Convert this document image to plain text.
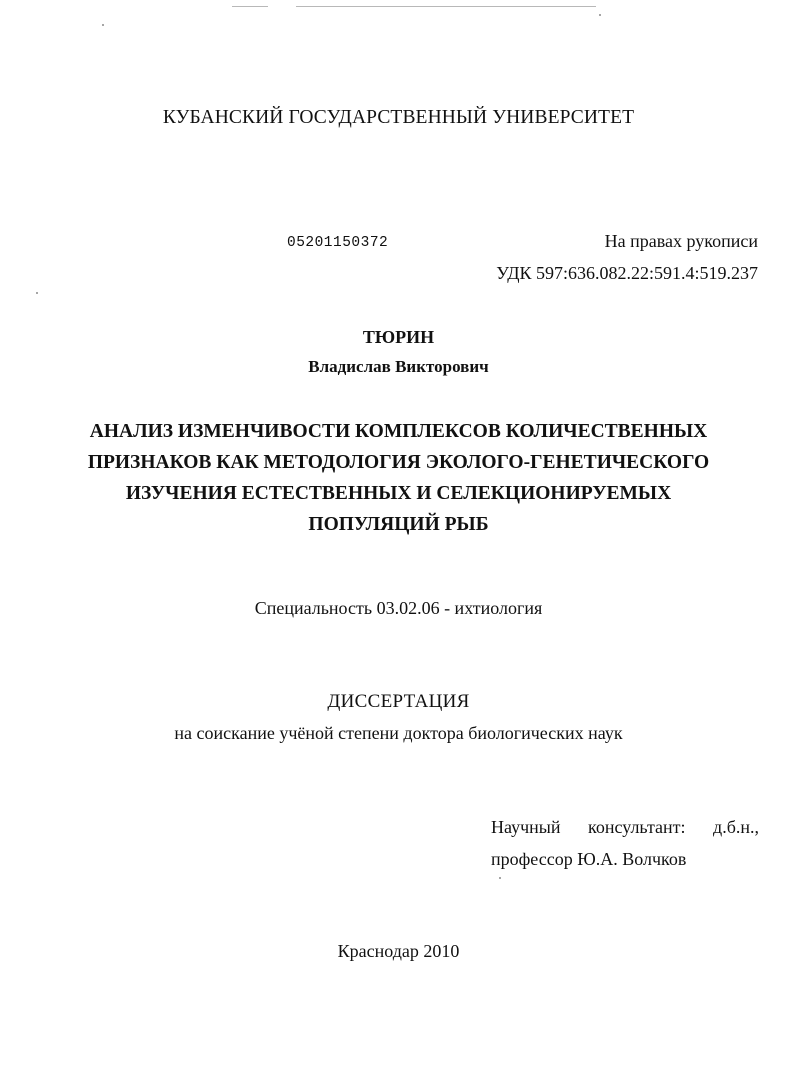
КУБАНСКИЙ ГОСУДАРСТВЕННЫЙ УНИВЕРСИТЕТ
05201150372	На правах рукописи
УДК 597:636.082.22:591.4:519.237
ТЮРИН
Владислав Викторович
АНАЛИЗ ИЗМЕНЧИВОСТИ КОМПЛЕКСОВ КОЛИЧЕСТВЕННЫХ
ПРИЗНАКОВ КАК МЕТОДОЛОГИЯ ЭКОЛОГО-ГЕНЕТИЧЕСКОГО
ИЗУЧЕНИЯ ЕСТЕСТВЕННЫХ И СЕЛЕКЦИОНИРУЕМЫХ
ПОПУЛЯЦИЙ РЫБ
Специальность 03.02.06 - ихтиология
ДИССЕРТАЦИЯ
на соискание учёной степени доктора биологических наук
Научный консультант: д.б.н.,
профессор Ю.А. Волчков
Краснодар 2010
